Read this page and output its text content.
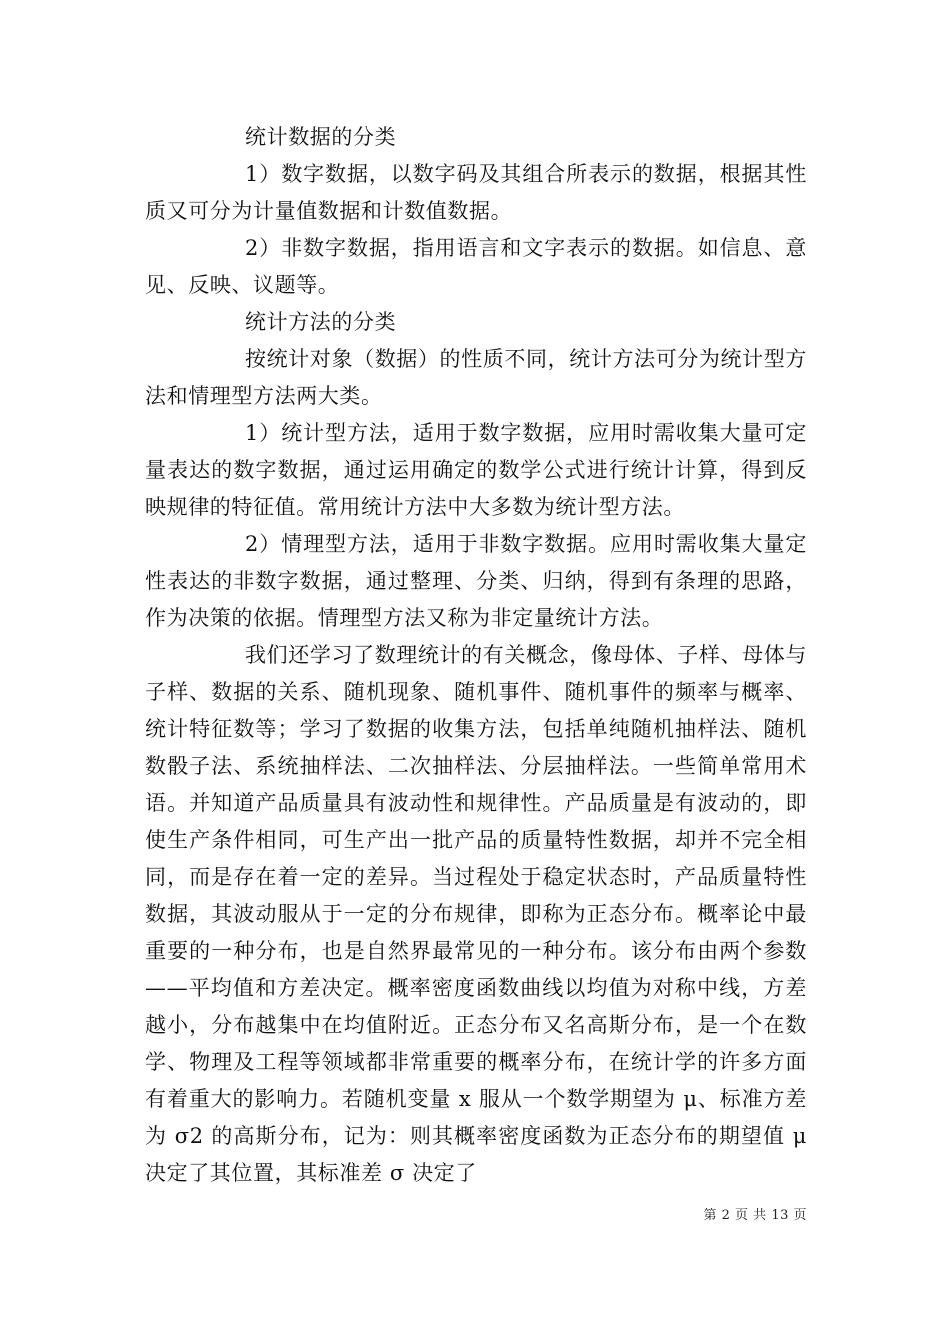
统计数据的分类

1）数字数据，以数字码及其组合所表示的数据，根据其性质又可分为计量值数据和计数值数据。

2）非数字数据，指用语言和文字表示的数据。如信息、意见、反映、议题等。

统计方法的分类

按统计对象（数据）的性质不同，统计方法可分为统计型方法和情理型方法两大类。

1）统计型方法，适用于数字数据，应用时需收集大量可定量表达的数字数据，通过运用确定的数学公式进行统计计算，得到反映规律的特征值。常用统计方法中大多数为统计型方法。

2）情理型方法，适用于非数字数据。应用时需收集大量定性表达的非数字数据，通过整理、分类、归纳，得到有条理的思路，作为决策的依据。情理型方法又称为非定量统计方法。

我们还学习了数理统计的有关概念，像母体、子样、母体与子样、数据的关系、随机现象、随机事件、随机事件的频率与概率、统计特征数等；学习了数据的收集方法，包括单纯随机抽样法、随机数骰子法、系统抽样法、二次抽样法、分层抽样法。一些简单常用术语。并知道产品质量具有波动性和规律性。产品质量是有波动的，即使生产条件相同，可生产出一批产品的质量特性数据，却并不完全相同，而是存在着一定的差异。当过程处于稳定状态时，产品质量特性数据，其波动服从于一定的分布规律，即称为正态分布。概率论中最重要的一种分布，也是自然界最常见的一种分布。该分布由两个参数——平均值和方差决定。概率密度函数曲线以均值为对称中线，方差越小，分布越集中在均值附近。正态分布又名高斯分布，是一个在数学、物理及工程等领域都非常重要的概率分布，在统计学的许多方面有着重大的影响力。若随机变量 x 服从一个数学期望为 μ、标准方差为 σ2 的高斯分布，记为：则其概率密度函数为正态分布的期望值 μ 决定了其位置，其标准差 σ 决定了

第 2 页 共 13 页
